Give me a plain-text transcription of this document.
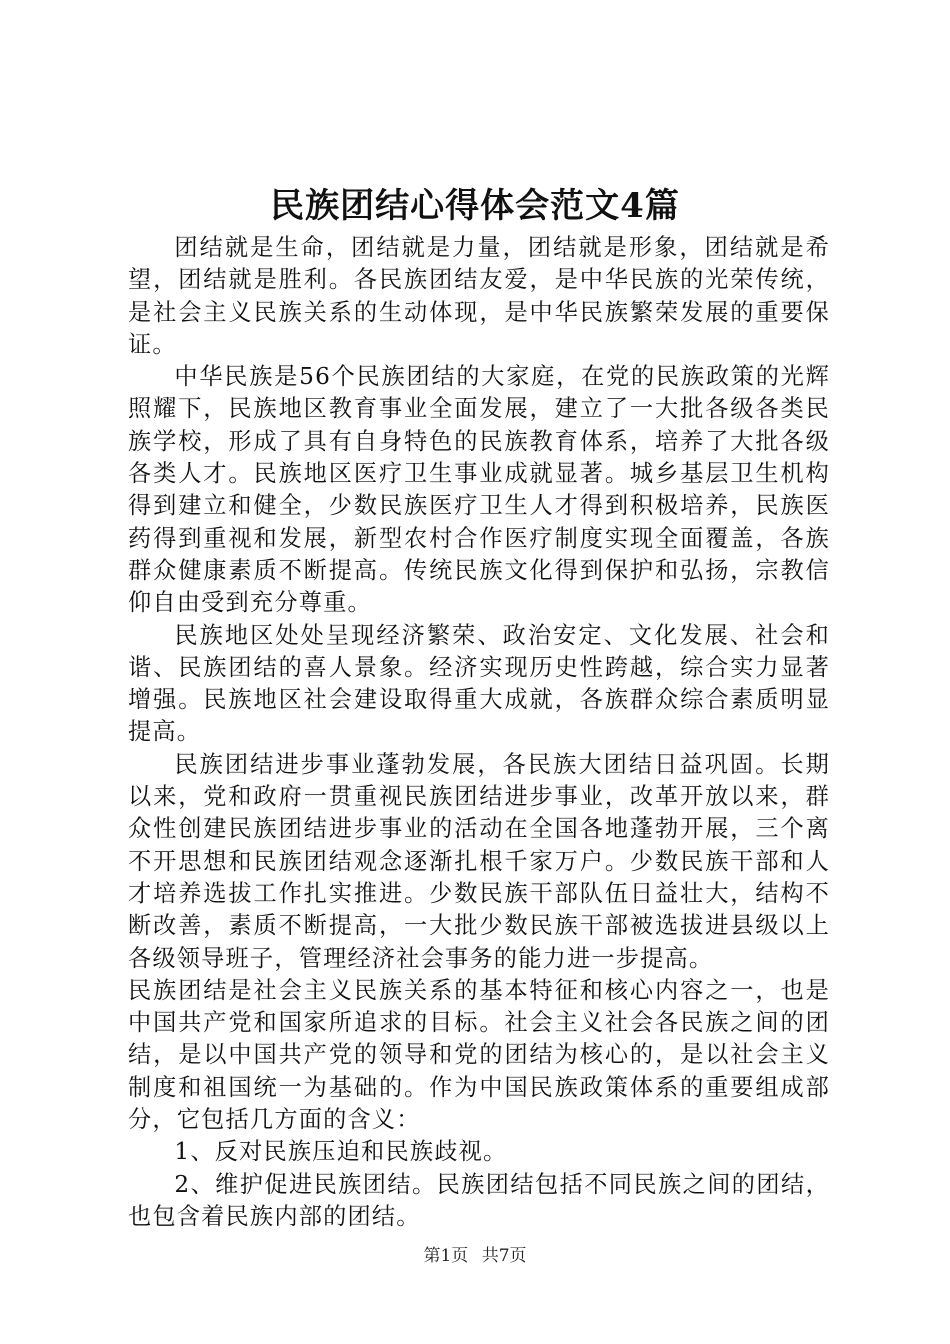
民族团结心得体会范文4篇

团结就是生命，团结就是力量，团结就是形象，团结就是希望，团结就是胜利。各民族团结友爱，是中华民族的光荣传统，是社会主义民族关系的生动体现，是中华民族繁荣发展的重要保证。

中华民族是56个民族团结的大家庭，在党的民族政策的光辉照耀下，民族地区教育事业全面发展，建立了一大批各级各类民族学校，形成了具有自身特色的民族教育体系，培养了大批各级各类人才。民族地区医疗卫生事业成就显著。城乡基层卫生机构得到建立和健全，少数民族医疗卫生人才得到积极培养，民族医药得到重视和发展，新型农村合作医疗制度实现全面覆盖，各族群众健康素质不断提高。传统民族文化得到保护和弘扬，宗教信仰自由受到充分尊重。

民族地区处处呈现经济繁荣、政治安定、文化发展、社会和谐、民族团结的喜人景象。经济实现历史性跨越，综合实力显著增强。民族地区社会建设取得重大成就，各族群众综合素质明显提高。

民族团结进步事业蓬勃发展，各民族大团结日益巩固。长期以来，党和政府一贯重视民族团结进步事业，改革开放以来，群众性创建民族团结进步事业的活动在全国各地蓬勃开展，三个离不开思想和民族团结观念逐渐扎根千家万户。少数民族干部和人才培养选拔工作扎实推进。少数民族干部队伍日益壮大，结构不断改善，素质不断提高，一大批少数民族干部被选拔进县级以上各级领导班子，管理经济社会事务的能力进一步提高。

民族团结是社会主义民族关系的基本特征和核心内容之一，也是中国共产党和国家所追求的目标。社会主义社会各民族之间的团结，是以中国共产党的领导和党的团结为核心的，是以社会主义制度和祖国统一为基础的。作为中国民族政策体系的重要组成部分，它包括几方面的含义：

1、反对民族压迫和民族歧视。

2、维护促进民族团结。民族团结包括不同民族之间的团结，也包含着民族内部的团结。

第1页 共7页
